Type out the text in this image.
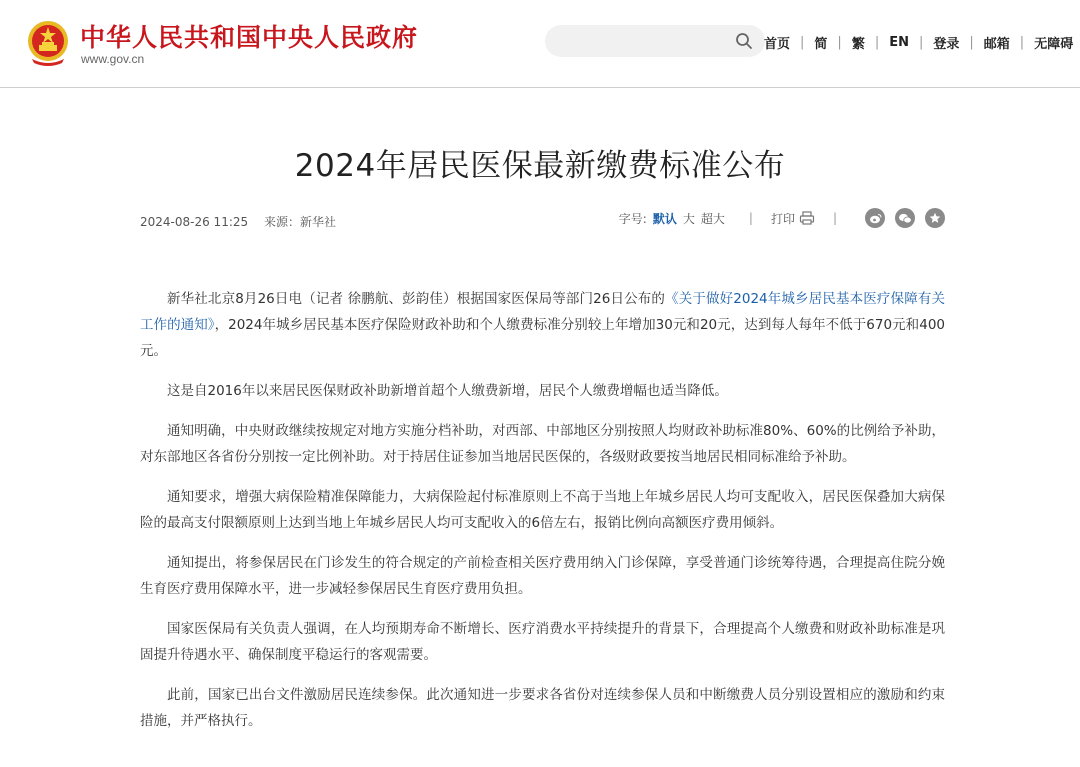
中华人民共和国中央人民政府
www.gov.cn
首页 | 简 | 繁 | EN | 登录 | 邮箱 | 无障碍
2024年居民医保最新缴费标准公布
2024-08-26 11:25 来源：新华社	字号: 默认 大 超大 | 打印	|

新华社北京8月26日电（记者 徐鹏航、彭韵佳）根据国家医保局等部门26日公布的《关于做好2024年城乡居民基本医疗保障有关工作的通知》，2024年城乡居民基本医疗保险财政补助和个人缴费标准分别较上年增加30元和20元，达到每人每年不低于670元和400元。

这是自2016年以来居民医保财政补助新增首超个人缴费新增，居民个人缴费增幅也适当降低。

通知明确，中央财政继续按规定对地方实施分档补助，对西部、中部地区分别按照人均财政补助标准80%、60%的比例给予补助，对东部地区各省份分别按一定比例补助。对于持居住证参加当地居民医保的，各级财政要按当地居民相同标准给予补助。

通知要求，增强大病保险精准保障能力，大病保险起付标准原则上不高于当地上年城乡居民人均可支配收入，居民医保叠加大病保险的最高支付限额原则上达到当地上年城乡居民人均可支配收入的6倍左右，报销比例向高额医疗费用倾斜。

通知提出，将参保居民在门诊发生的符合规定的产前检查相关医疗费用纳入门诊保障，享受普通门诊统筹待遇，合理提高住院分娩生育医疗费用保障水平，进一步减轻参保居民生育医疗费用负担。

国家医保局有关负责人强调，在人均预期寿命不断增长、医疗消费水平持续提升的背景下，合理提高个人缴费和财政补助标准是巩固提升待遇水平、确保制度平稳运行的客观需要。

此前，国家已出台文件激励居民连续参保。此次通知进一步要求各省份对连续参保人员和中断缴费人员分别设置相应的激励和约束措施，并严格执行。
